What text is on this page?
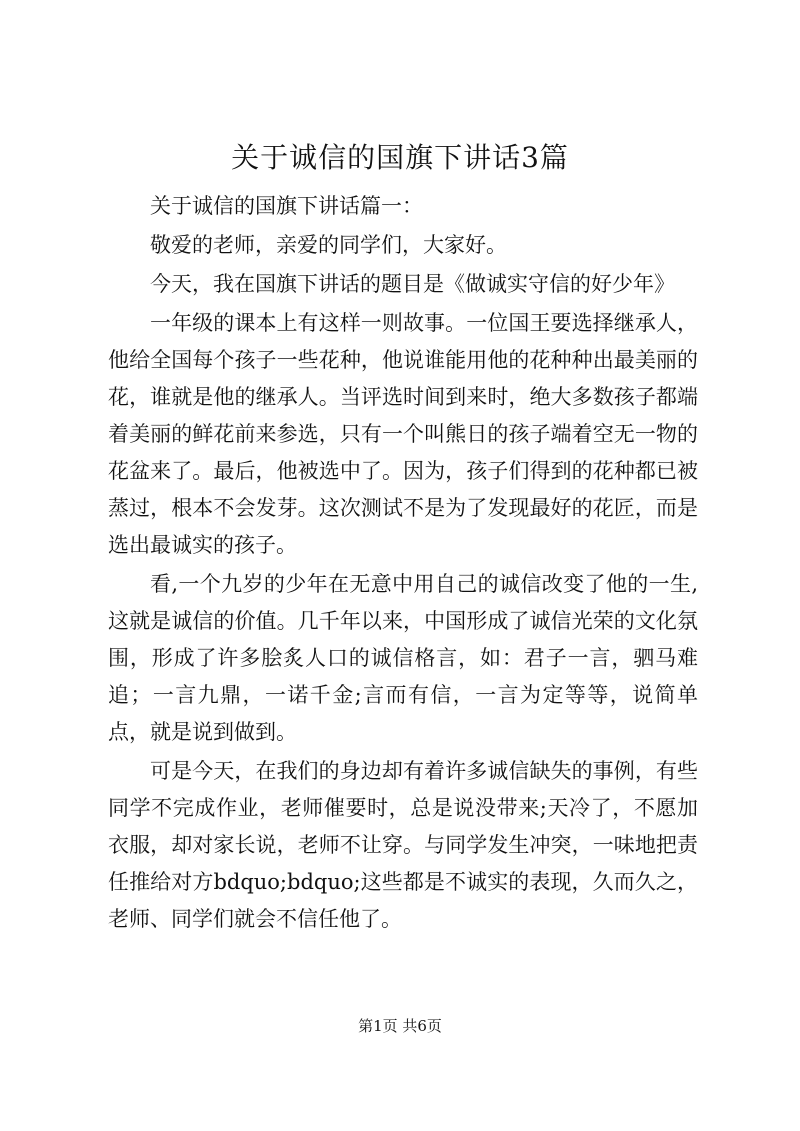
关于诚信的国旗下讲话3篇

关于诚信的国旗下讲话篇一：

敬爱的老师，亲爱的同学们，大家好。

今天，我在国旗下讲话的题目是《做诚实守信的好少年》

一年级的课本上有这样一则故事。一位国王要选择继承人，他给全国每个孩子一些花种，他说谁能用他的花种种出最美丽的花，谁就是他的继承人。当评选时间到来时，绝大多数孩子都端着美丽的鲜花前来参选，只有一个叫熊日的孩子端着空无一物的花盆来了。最后，他被选中了。因为，孩子们得到的花种都已被蒸过，根本不会发芽。这次测试不是为了发现最好的花匠，而是选出最诚实的孩子。

看,一个九岁的少年在无意中用自己的诚信改变了他的一生,这就是诚信的价值。几千年以来，中国形成了诚信光荣的文化氛围，形成了许多脍炙人口的诚信格言，如：君子一言，驷马难追；一言九鼎，一诺千金;言而有信，一言为定等等，说简单点，就是说到做到。

可是今天，在我们的身边却有着许多诚信缺失的事例，有些同学不完成作业，老师催要时，总是说没带来;天冷了，不愿加衣服，却对家长说，老师不让穿。与同学发生冲突，一味地把责任推给对方bdquo;bdquo;这些都是不诚实的表现，久而久之，老师、同学们就会不信任他了。

第1页 共6页
